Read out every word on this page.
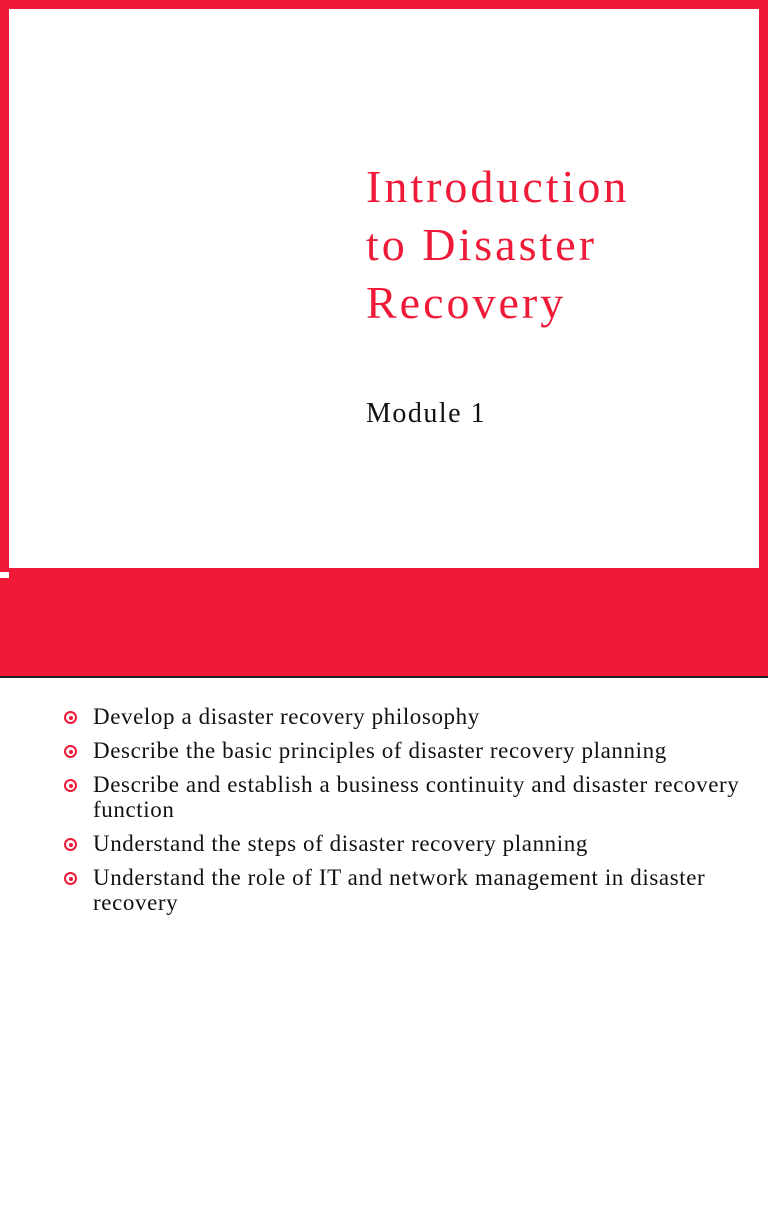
Introduction
to Disaster
Recovery

Module 1

You Will Learn How To…
Develop a disaster recovery philosophy
Describe the basic principles of disaster recovery planning
Describe and establish a business continuity and disaster recovery function
Understand the steps of disaster recovery planning
Understand the role of IT and network management in disaster recovery
